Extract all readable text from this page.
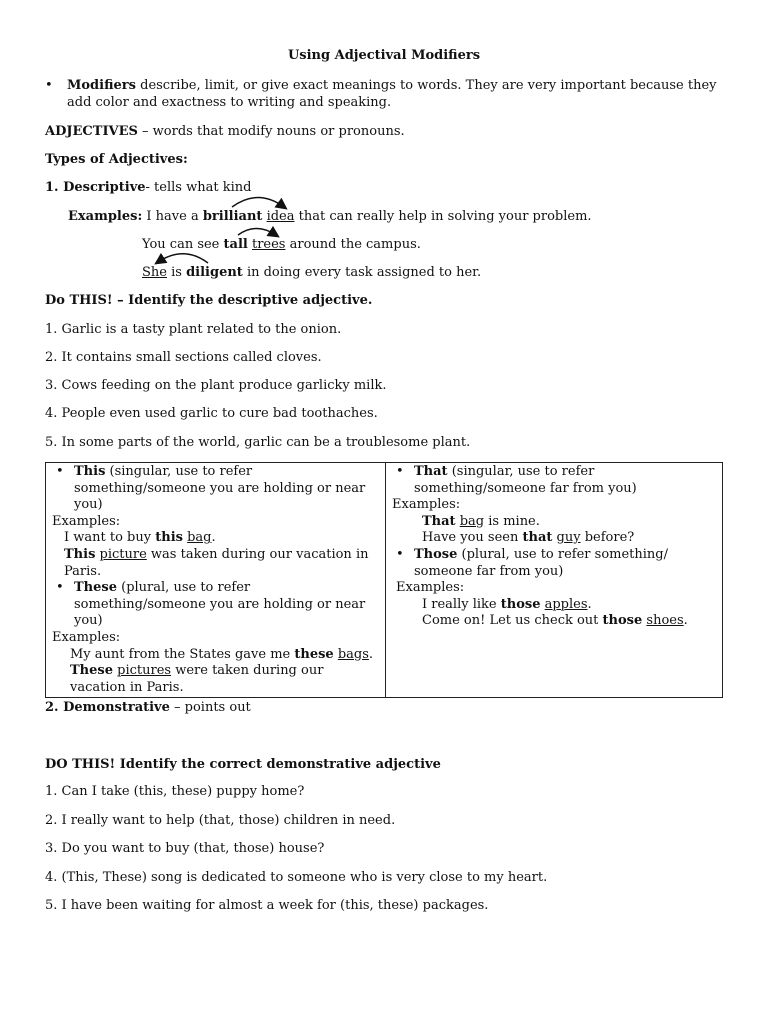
Using Adjectival Modifiers
• Modifiers describe, limit, or give exact meanings to words. They are very important because they
add color and exactness to writing and speaking.
ADJECTIVES – words that modify nouns or pronouns.
Types of Adjectives:
1. Descriptive- tells what kind
Examples: I have a brilliant idea that can really help in solving your problem.
You can see tall trees around the campus.
She is diligent in doing every task assigned to her.
Do THIS! – Identify the descriptive adjective.
1. Garlic is a tasty plant related to the onion.
2. It contains small sections called cloves.
3. Cows feeding on the plant produce garlicky milk.
4. People even used garlic to cure bad toothaches.
5. In some parts of the world, garlic can be a troublesome plant.
• This (singular, use to refer something/someone you are holding or near you)
Examples:
I want to buy this bag.
This picture was taken during our vacation in Paris.
• These (plural, use to refer something/someone you are holding or near you)
Examples:
My aunt from the States gave me these bags.
These pictures were taken during our vacation in Paris.

• That (singular, use to refer something/someone far from you)
Examples:
That bag is mine.
Have you seen that guy before?
• Those (plural, use to refer something/ someone far from you)
Examples:
I really like those apples.
Come on! Let us check out those shoes.
2. Demonstrative – points out
DO THIS! Identify the correct demonstrative adjective
1. Can I take (this, these) puppy home?
2. I really want to help (that, those) children in need.
3. Do you want to buy (that, those) house?
4. (This, These) song is dedicated to someone who is very close to my heart.
5. I have been waiting for almost a week for (this, these) packages.
